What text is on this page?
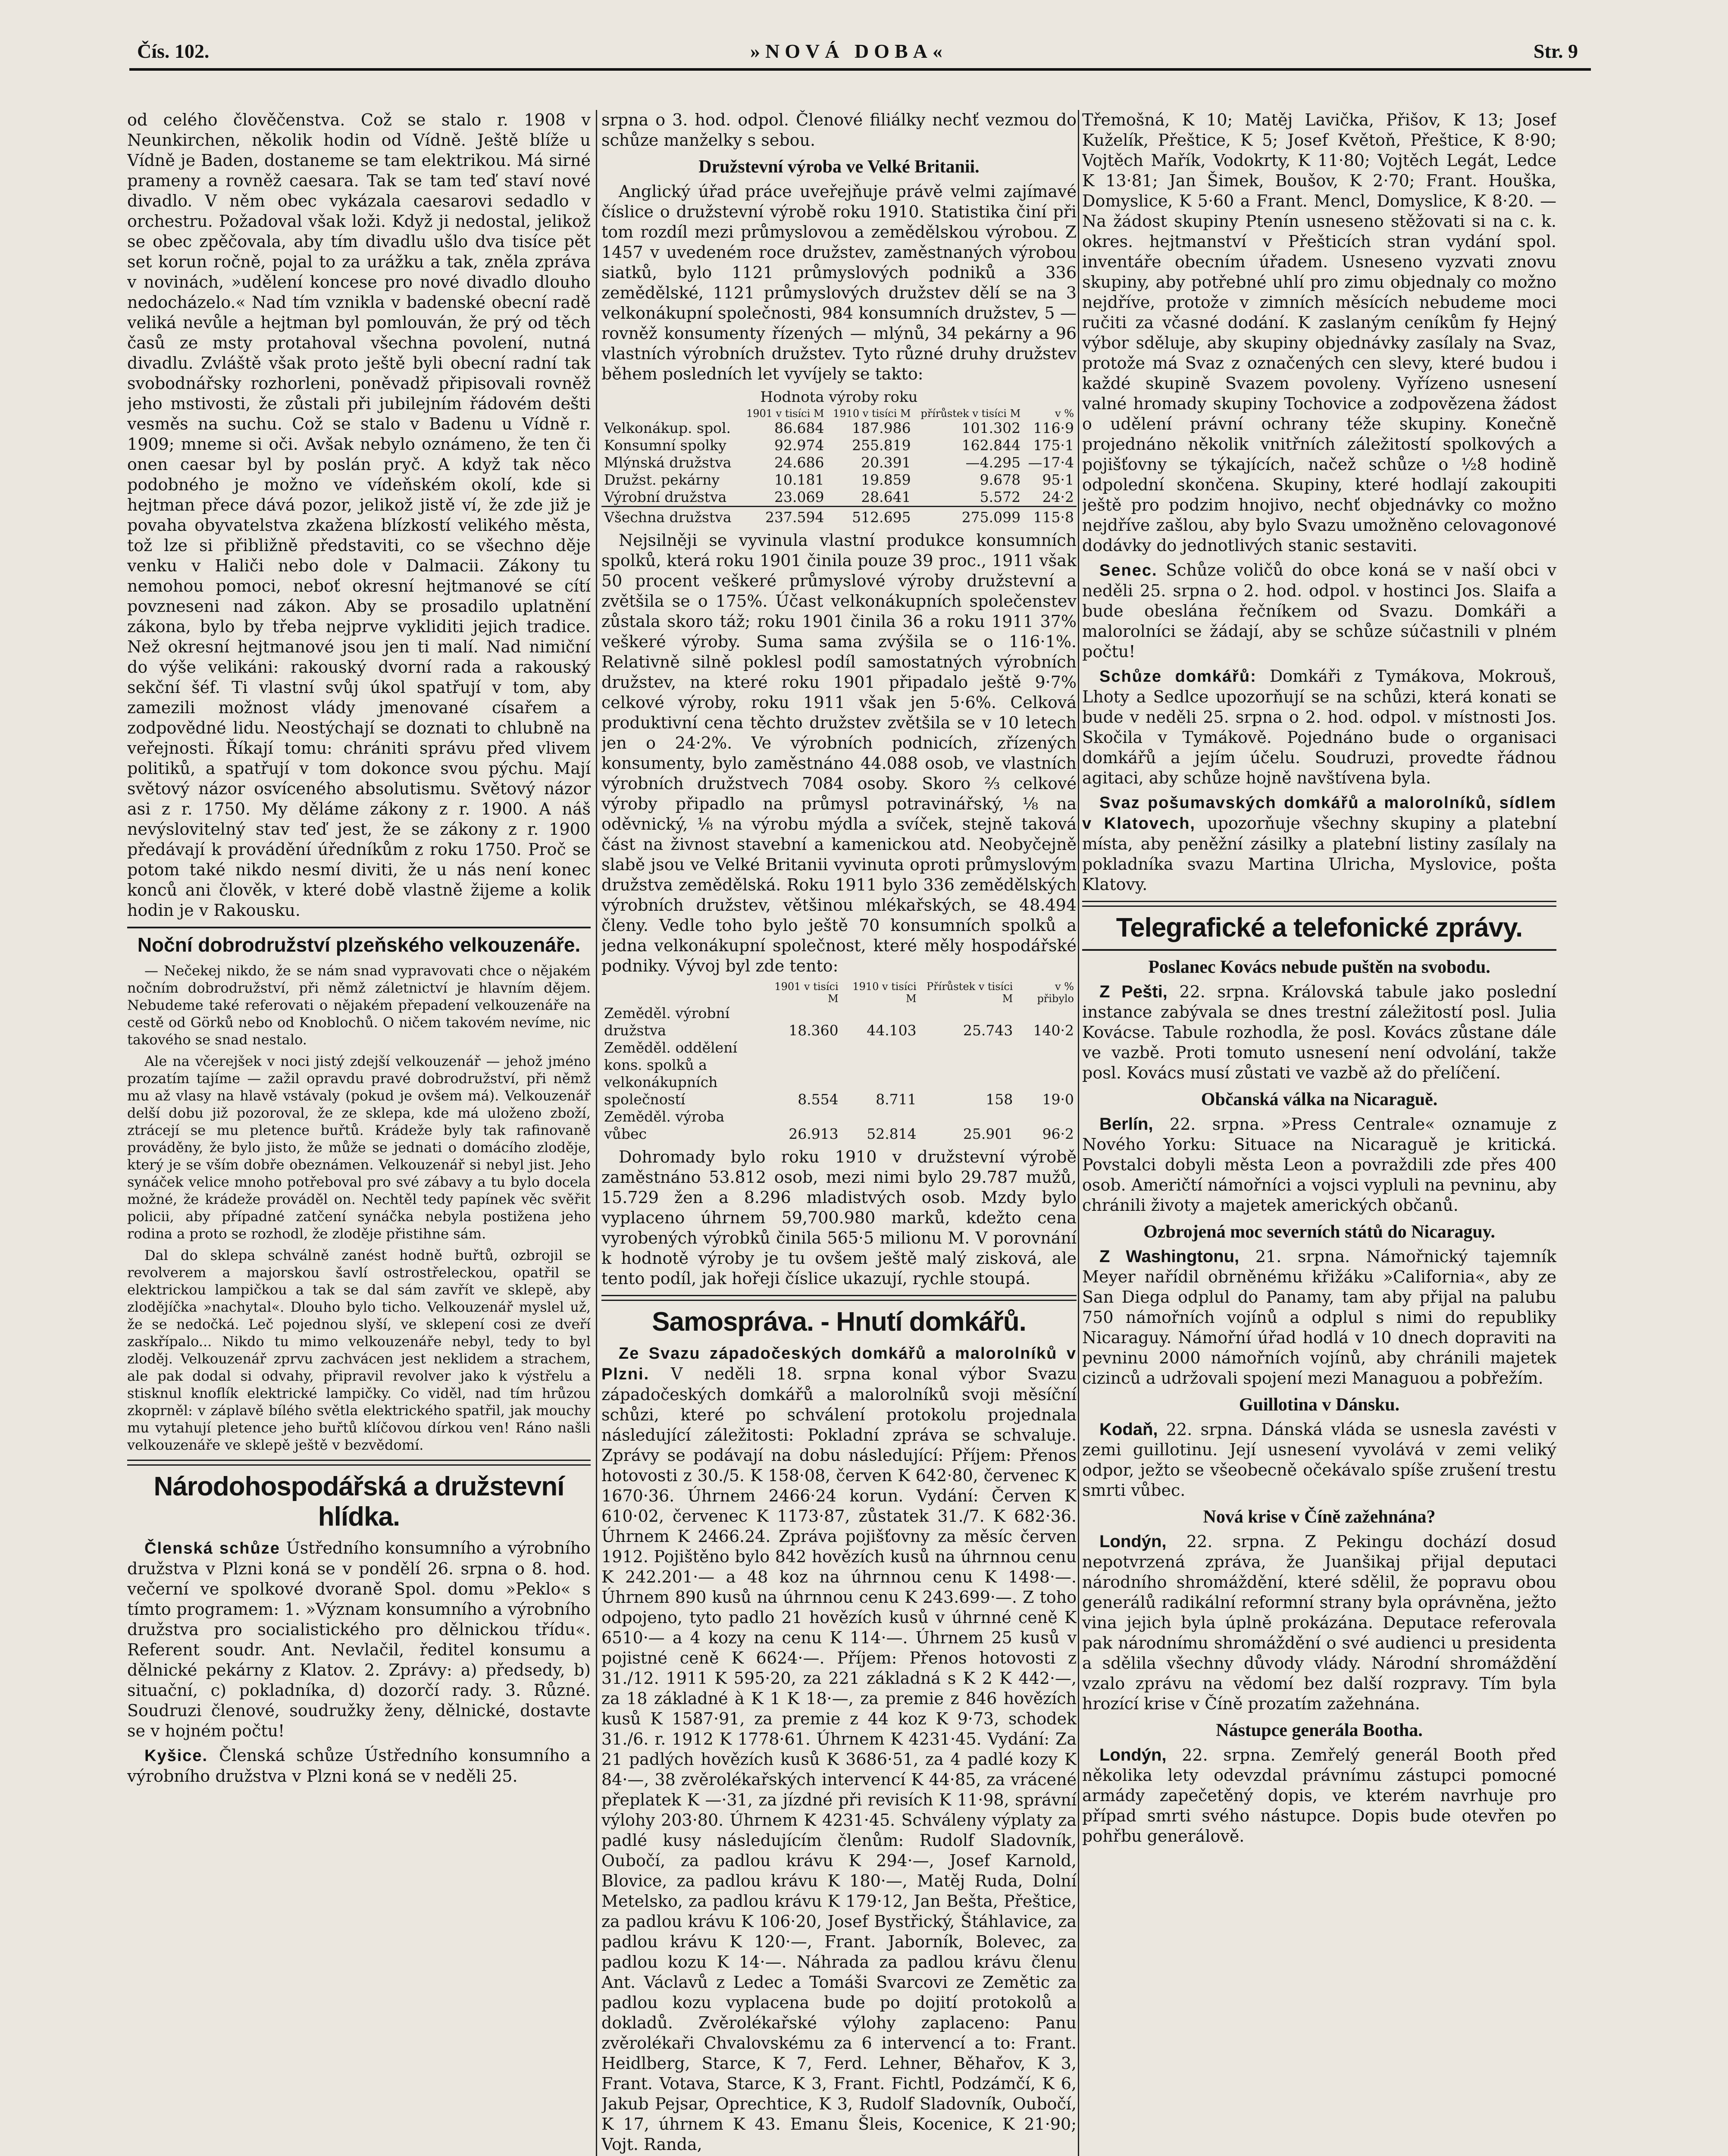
Čís. 102.	»NOVÁ DOBA«	Str. 9

od celého člověčenstva. Což se stalo r. 1908 v Neunkirchen, několik hodin od Vídně. Ještě blíže u Vídně je Baden, dostaneme se tam elektrikou. Má sirné prameny a rovněž caesara. Tak se tam teď staví nové divadlo. V něm obec vykázala caesarovi sedadlo v orchestru. Požadoval však loži. Když ji nedostal, jelikož se obec zpěčovala, aby tím divadlu ušlo dva tisíce pět set korun ročně, pojal to za urážku a tak, zněla zpráva v novinách, »udělení koncese pro nové divadlo dlouho nedocházelo.« Nad tím vznikla v badenské obecní radě veliká nevůle a hejtman byl pomlouván, že prý od těch časů ze msty protahoval všechna povolení, nutná divadlu. Zvláště však proto ještě byli obecní radní tak svobodnářsky rozhorleni, poněvadž připisovali rovněž jeho mstivosti, že zůstali při jubilejním řádovém dešti vesměs na suchu. Což se stalo v Badenu u Vídně r. 1909; mneme si oči. Avšak nebylo oznámeno, že ten či onen caesar byl by poslán pryč. A když tak něco podobného je možno ve vídeňském okolí, kde si hejtman přece dává pozor, jelikož jistě ví, že zde již je povaha obyvatelstva zkažena blízkostí velikého města, tož lze si přibližně představiti, co se všechno děje venku v Haliči nebo dole v Dalmacii. Zákony tu nemohou pomoci, neboť okresní hejtmanové se cítí povzneseni nad zákon. Aby se prosadilo uplatnění zákona, bylo by třeba nejprve vykliditi jejich tradice. Než okresní hejtmanové jsou jen ti malí. Nad nimiční do výše velikáni: rakouský dvorní rada a rakouský sekční šéf. Ti vlastní svůj úkol spatřují v tom, aby zamezili možnost vlády jmenované císařem a zodpovědné lidu. Neostýchají se doznati to chlubně na veřejnosti. Říkají tomu: chrániti správu před vlivem politiků, a spatřují v tom dokonce svou pýchu. Mají světový názor osvíceného absolutismu. Světový názor asi z r. 1750. My děláme zákony z r. 1900. A náš nevýslovitelný stav teď jest, že se zákony z r. 1900 předávají k provádění úředníkům z roku 1750. Proč se potom také nikdo nesmí diviti, že u nás není konec konců ani člověk, v které době vlastně žijeme a kolik hodin je v Rakousku.

Noční dobrodružství plzeňského velkouzenáře.

— Nečekej nikdo, že se nám snad vypravovati chce o nějakém nočním dobrodružství, při němž záletnictví je hlavním dějem. Nebudeme také referovati o nějakém přepadení velkouzenáře na cestě od Görků nebo od Knoblochů. O ničem takovém nevíme, nic takového se snad nestalo.

Ale na včerejšek v noci jistý zdejší velkouzenář — jehož jméno prozatím tajíme — zažil opravdu pravé dobrodružství, při němž mu až vlasy na hlavě vstávaly (pokud je ovšem má). Velkouzenář delší dobu již pozoroval, že ze sklepa, kde má uloženo zboží, ztrácejí se mu pletence buřtů. Krádeže byly tak rafinovaně prováděny, že bylo jisto, že může se jednati o domácího zloděje, který je se vším dobře obeznámen. Velkouzenář si nebyl jist. Jeho synáček velice mnoho potřeboval pro své zábavy a tu bylo docela možné, že krádeže prováděl on. Nechtěl tedy papínek věc svěřit policii, aby případné zatčení synáčka nebyla postižena jeho rodina a proto se rozhodl, že zloděje přistihne sám.

Dal do sklepa schválně zanést hodně buřtů, ozbrojil se revolverem a majorskou šavlí ostrostřeleckou, opatřil se elektrickou lampičkou a tak se dal sám zavřít ve sklepě, aby zlodějíčka »nachytal«. Dlouho bylo ticho. Velkouzenář myslel už, že se nedočká. Leč pojednou slyší, ve sklepení cosi ze dveří zaskřípalo... Nikdo tu mimo velkouzenáře nebyl, tedy to byl zloděj. Velkouzenář zprvu zachvácen jest neklidem a strachem, ale pak dodal si odvahy, připravil revolver jako k výstřelu a stisknul knoflík elektrické lampičky. Co viděl, nad tím hrůzou zkoprněl: v záplavě bílého světla elektrického spatřil, jak mouchy mu vytahují pletence jeho buřtů klíčovou dírkou ven! Ráno našli velkouzenáře ve sklepě ještě v bezvědomí.

Národohospodářská a družstevní hlídka.

Členská schůze Ústředního konsumního a výrobního družstva v Plzni koná se v pondělí 26. srpna o 8. hod. večerní ve spolkové dvoraně Spol. domu »Peklo« s tímto programem: 1. »Význam konsumního a výrobního družstva pro socialistického pro dělnickou třídu«. Referent soudr. Ant. Nevlačil, ředitel konsumu a dělnické pekárny z Klatov. 2. Zprávy: a) předsedy, b) situační, c) pokladníka, d) dozorčí rady. 3. Různé. Soudruzi členové, soudružky ženy, dělnické, dostavte se v hojném počtu!

Kyšice. Členská schůze Ústředního konsumního a výrobního družstva v Plzni koná se v neděli 25.

srpna o 3. hod. odpol. Členové filiálky nechť vezmou do schůze manželky s sebou.

Družstevní výroba ve Velké Britanii.

Anglický úřad práce uveřejňuje právě velmi zajímavé číslice o družstevní výrobě roku 1910. Statistika činí při tom rozdíl mezi průmyslovou a zemědělskou výrobou. Z 1457 v uvedeném roce družstev, zaměstnaných výrobou siatků, bylo 1121 průmyslových podniků a 336 zemědělské, 1121 průmyslových družstev dělí se na 3 velkonákupní společnosti, 984 konsumních družstev, 5 — rovněž konsumenty řízených — mlýnů, 34 pekárny a 96 vlastních výrobních družstev. Tyto různé druhy družstev během posledních let vyvíjely se takto:

Hodnota výroby roku
	1901 v tisíci M	1910 v tisíci M	přírůstek v tisíci M	v %
Velkonákup. spol.	86.684	187.986	101.302	116·9
Konsumní spolky	92.974	255.819	162.844	175·1
Mlýnská družstva	24.686	20.391	—4.295	—17·4
Družst. pekárny	10.181	19.859	9.678	95·1
Výrobní družstva	23.069	28.641	5.572	24·2
Všechna družstva	237.594	512.695	275.099	115·8

Nejsilněji se vyvinula vlastní produkce konsumních spolků, která roku 1901 činila pouze 39 proc., 1911 však 50 procent veškeré průmyslové výroby družstevní a zvětšila se o 175%. Účast velkonákupních společenstev zůstala skoro táž; roku 1901 činila 36 a roku 1911 37% veškeré výroby. Suma sama zvýšila se o 116·1%. Relativně silně poklesl podíl samostatných výrobních družstev, na které roku 1901 připadalo ještě 9·7% celkové výroby, roku 1911 však jen 5·6%. Celková produktivní cena těchto družstev zvětšila se v 10 letech jen o 24·2%. Ve výrobních podnicích, zřízených konsumenty, bylo zaměstnáno 44.088 osob, ve vlastních výrobních družstvech 7084 osoby. Skoro ⅔ celkové výroby připadlo na průmysl potravinářský, ⅛ na oděvnický, ⅛ na výrobu mýdla a svíček, stejně taková část na živnost stavební a kamenickou atd. Neobyčejně slabě jsou ve Velké Britanii vyvinuta oproti průmyslovým družstva zemědělská. Roku 1911 bylo 336 zemědělských výrobních družstev, většinou mlékařských, se 48.494 členy. Vedle toho bylo ještě 70 konsumních spolků a jedna velkonákupní společnost, které měly hospodářské podniky. Vývoj byl zde tento:

	1901 v tisíci M	1910 v tisíci M	Přírůstek v tisíci M	v % přibylo
Zeměděl. výrobní družstva	18.360	44.103	25.743	140·2
Zeměděl. oddělení kons. spolků a velkonákupních společností	8.554	8.711	158	19·0
Zeměděl. výroba vůbec	26.913	52.814	25.901	96·2

Dohromady bylo roku 1910 v družstevní výrobě zaměstnáno 53.812 osob, mezi nimi bylo 29.787 mužů, 15.729 žen a 8.296 mladistvých osob. Mzdy bylo vyplaceno úhrnem 59,700.980 marků, kdežto cena vyrobených výrobků činila 565·5 milionu M. V porovnání k hodnotě výroby je tu ovšem ještě malý zisková, ale tento podíl, jak hořeji číslice ukazují, rychle stoupá.

Samospráva. - Hnutí domkářů.

Ze Svazu západočeských domkářů a malorolníků v Plzni. V neděli 18. srpna konal výbor Svazu západočeských domkářů a malorolníků svoji měsíční schůzi, které po schválení protokolu projednala následující záležitosti: Pokladní zpráva se schvaluje. Zprávy se podávají na dobu následující: Příjem: Přenos hotovosti z 30./5. K 158·08, červen K 642·80, červenec K 1670·36. Úhrnem 2466·24 korun. Vydání: Červen K 610·02, červenec K 1173·87, zůstatek 31./7. K 682·36. Úhrnem K 2466.24. Zpráva pojišťovny za měsíc červen 1912. Pojištěno bylo 842 hovězích kusů na úhrnnou cenu K 242.201·— a 48 koz na úhrnnou cenu K 1498·—. Úhrnem 890 kusů na úhrnnou cenu K 243.699·—. Z toho odpojeno, tyto padlo 21 hovězích kusů v úhrnné ceně K 6510·— a 4 kozy na cenu K 114·—. Úhrnem 25 kusů v pojistné ceně K 6624·—. Příjem: Přenos hotovosti z 31./12. 1911 K 595·20, za 221 základná s K 2 K 442·—, za 18 základné à K 1 K 18·—, za premie z 846 hovězích kusů K 1587·91, za premie z 44 koz K 9·73, schodek 31./6. r. 1912 K 1778·61. Úhrnem K 4231·45. Vydání: Za 21 padlých hovězích kusů K 3686·51, za 4 padlé kozy K 84·—, 38 zvěrolékařských intervencí K 44·85, za vrácené přeplatek K —·31, za jízdné při revisích K 11·98, správní výlohy 203·80. Úhrnem K 4231·45. Schváleny výplaty za padlé kusy následujícím členům: Rudolf Sladovník, Oubočí, za padlou krávu K 294·—, Josef Karnold, Blovice, za padlou krávu K 180·—, Matěj Ruda, Dolní Metelsko, za padlou krávu K 179·12, Jan Bešta, Přeštice, za padlou krávu K 106·20, Josef Bystřický, Štáhlavice, za padlou krávu K 120·—, Frant. Jaborník, Bolevec, za padlou kozu K 14·—. Náhrada za padlou krávu členu Ant. Václavů z Ledec a Tomáši Svarcovi ze Zemětic za padlou kozu vyplacena bude po dojití protokolů a dokladů. Zvěrolékařské výlohy zaplaceno: Panu zvěrolékaři Chvalovskému za 6 intervencí a to: Frant. Heidlberg, Starce, K 7, Ferd. Lehner, Běhařov, K 3, Frant. Votava, Starce, K 3, Frant. Fichtl, Podzámčí, K 6, Jakub Pejsar, Oprechtice, K 3, Rudolf Sladovník, Oubočí, K 17, úhrnem K 43. Emanu Šleis, Kocenice, K 21·90; Vojt. Randa,

Třemošná, K 10; Matěj Lavička, Přišov, K 13; Josef Kuželík, Přeštice, K 5; Josef Květoň, Přeštice, K 8·90; Vojtěch Mařík, Vodokrty, K 11·80; Vojtěch Legát, Ledce K 13·81; Jan Šimek, Boušov, K 2·70; Frant. Houška, Domyslice, K 5·60 a Frant. Mencl, Domyslice, K 8·20. — Na žádost skupiny Ptenín usneseno stěžovati si na c. k. okres. hejtmanství v Přešticích stran vydání spol. inventáře obecním úřadem. Usneseno vyzvati znovu skupiny, aby potřebné uhlí pro zimu objednaly co možno nejdříve, protože v zimních měsících nebudeme moci ručiti za včasné dodání. K zaslaným ceníkům fy Hejný výbor sděluje, aby skupiny objednávky zasílaly na Svaz, protože má Svaz z označených cen slevy, které budou i každé skupině Svazem povoleny. Vyřízeno usnesení valné hromady skupiny Tochovice a zodpovězena žádost o udělení právní ochrany téže skupiny. Konečně projednáno několik vnitřních záležitostí spolkových a pojišťovny se týkajících, načež schůze o ½8 hodině odpolední skončena. Skupiny, které hodlají zakoupiti ještě pro podzim hnojivo, nechť objednávky co možno nejdříve zašlou, aby bylo Svazu umožněno celovagonové dodávky do jednotlivých stanic sestaviti.

Senec. Schůze voličů do obce koná se v naší obci v neděli 25. srpna o 2. hod. odpol. v hostinci Jos. Slaifa a bude obeslána řečníkem od Svazu. Domkáři a malorolníci se žádají, aby se schůze súčastnili v plném počtu!

Schůze domkářů: Domkáři z Tymákova, Mokrouš, Lhoty a Sedlce upozorňují se na schůzi, která konati se bude v neděli 25. srpna o 2. hod. odpol. v místnosti Jos. Skočila v Tymákově. Pojednáno bude o organisaci domkářů a jejím účelu. Soudruzi, provedte řádnou agitaci, aby schůze hojně navštívena byla.

Svaz pošumavských domkářů a malorolníků, sídlem v Klatovech, upozorňuje všechny skupiny a platební místa, aby peněžní zásilky a platební listiny zasílaly na pokladníka svazu Martina Ulricha, Myslovice, pošta Klatovy.

Telegrafické a telefonické zprávy.
Poslanec Kovács nebude puštěn na svobodu.

Z Pešti, 22. srpna. Královská tabule jako poslední instance zabývala se dnes trestní záležitostí posl. Julia Kovácse. Tabule rozhodla, že posl. Kovács zůstane dále ve vazbě. Proti tomuto usnesení není odvolání, takže posl. Kovács musí zůstati ve vazbě až do přelíčení.

Občanská válka na Nicaraguě.

Berlín, 22. srpna. »Press Centrale« oznamuje z Nového Yorku: Situace na Nicaraguě je kritická. Povstalci dobyli města Leon a povraždili zde přes 400 osob. Američtí námořníci a vojsci vypluli na pevninu, aby chránili životy a majetek amerických občanů.

Ozbrojená moc severních států do Nicaraguy.

Z Washingtonu, 21. srpna. Námořnický tajemník Meyer nařídil obrněnému křižáku »California«, aby ze San Diega odplul do Panamy, tam aby přijal na palubu 750 námořních vojínů a odplul s nimi do republiky Nicaraguy. Námořní úřad hodlá v 10 dnech dopraviti na pevninu 2000 námořních vojínů, aby chránili majetek cizinců a udržovali spojení mezi Managuou a pobřežím.

Guillotina v Dánsku.

Kodaň, 22. srpna. Dánská vláda se usnesla zavésti v zemi guillotinu. Její usnesení vyvolává v zemi veliký odpor, ježto se všeobecně očekávalo spíše zrušení trestu smrti vůbec.

Nová krise v Číně zažehnána?

Londýn, 22. srpna. Z Pekingu dochází dosud nepotvrzená zpráva, že Juanšikaj přijal deputaci národního shromáždění, které sdělil, že popravu obou generálů radikální reformní strany byla oprávněna, ježto vina jejich byla úplně prokázána. Deputace referovala pak národnímu shromáždění o své audienci u presidenta a sdělila všechny důvody vlády. Národní shromáždění vzalo zprávu na vědomí bez další rozpravy. Tím byla hrozící krise v Číně prozatím zažehnána.

Nástupce generála Bootha.

Londýn, 22. srpna. Zemřelý generál Booth před několika lety odevzdal právnímu zástupci pomocné armády zapečetěný dopis, ve kterém navrhuje pro případ smrti svého nástupce. Dopis bude otevřen po pohřbu generálově.
